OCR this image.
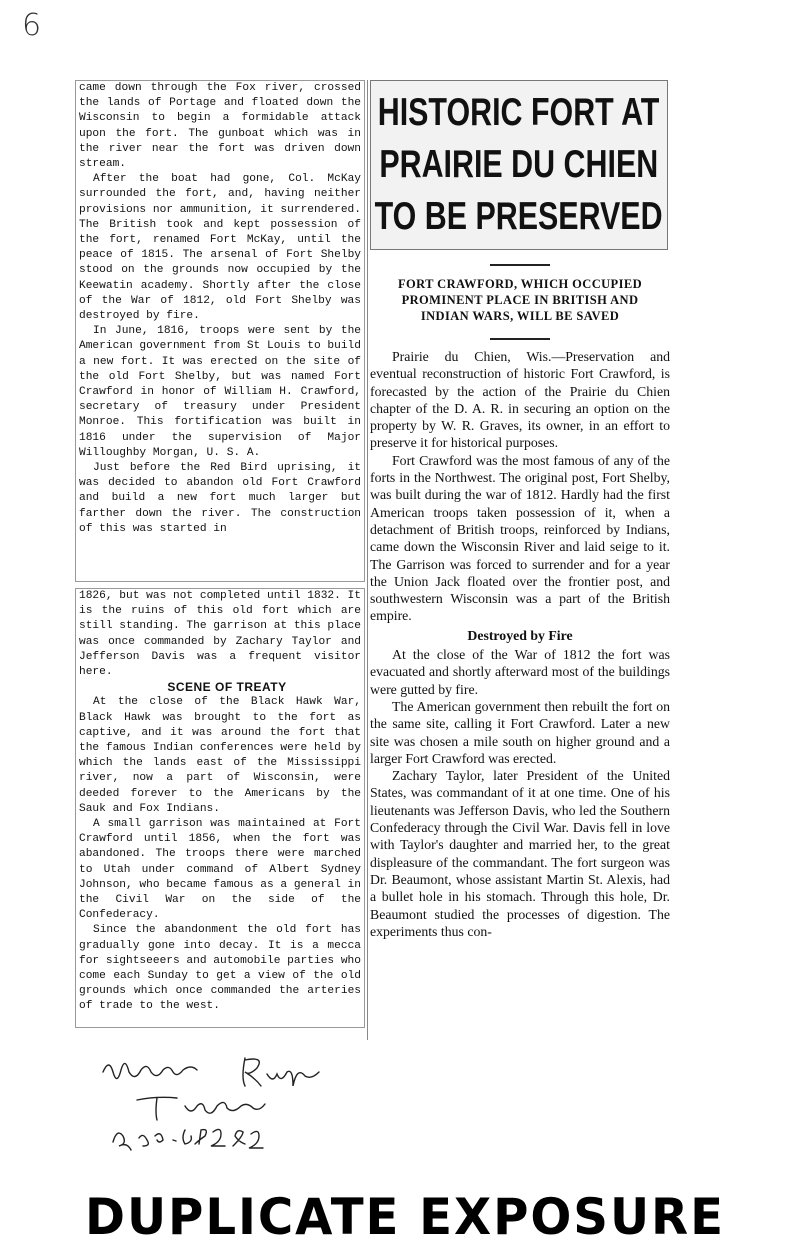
6

came down through the Fox river, crossed the lands of Portage and floated down the Wisconsin to begin a formidable attack upon the fort. The gunboat which was in the river near the fort was driven down stream.

After the boat had gone, Col. McKay surrounded the fort, and, having neither provisions nor ammunition, it surrendered. The British took and kept possession of the fort, renamed Fort McKay, until the peace of 1815. The arsenal of Fort Shelby stood on the grounds now occupied by the Keewatin academy. Shortly after the close of the War of 1812, old Fort Shelby was destroyed by fire.

In June, 1816, troops were sent by the American government from St Louis to build a new fort. It was erected on the site of the old Fort Shelby, but was named Fort Crawford in honor of William H. Crawford, secretary of treasury under President Monroe. This fortification was built in 1816 under the supervision of Major Willoughby Morgan, U. S. A.

Just before the Red Bird uprising, it was decided to abandon old Fort Crawford and build a new fort much larger but farther down the river. The construction of this was started in

1826, but was not completed until 1832. It is the ruins of this old fort which are still standing. The garrison at this place was once commanded by Zachary Taylor and Jefferson Davis was a frequent visitor here.

SCENE OF TREATY

At the close of the Black Hawk War, Black Hawk was brought to the fort as captive, and it was around the fort that the famous Indian conferences were held by which the lands east of the Mississippi river, now a part of Wisconsin, were deeded forever to the Americans by the Sauk and Fox Indians.

A small garrison was maintained at Fort Crawford until 1856, when the fort was abandoned. The troops there were marched to Utah under command of Albert Sydney Johnson, who became famous as a general in the Civil War on the side of the Confederacy.

Since the abandonment the old fort has gradually gone into decay. It is a mecca for sightseeers and automobile parties who come each Sunday to get a view of the old grounds which once commanded the arteries of trade to the west.

HISTORIC FORT AT
PRAIRIE DU CHIEN
TO BE PRESERVED
FORT CRAWFORD, WHICH OCCUPIED PROMINENT PLACE IN BRITISH AND INDIAN WARS, WILL BE SAVED

Prairie du Chien, Wis.—Preservation and eventual reconstruction of historic Fort Crawford, is forecasted by the action of the Prairie du Chien chapter of the D. A. R. in securing an option on the property by W. R. Graves, its owner, in an effort to preserve it for historical purposes.

Fort Crawford was the most famous of any of the forts in the Northwest. The original post, Fort Shelby, was built during the war of 1812. Hardly had the first American troops taken possession of it, when a detachment of British troops, reinforced by Indians, came down the Wisconsin River and laid seige to it. The Garrison was forced to surrender and for a year the Union Jack floated over the frontier post, and southwestern Wisconsin was a part of the British empire.

Destroyed by Fire

At the close of the War of 1812 the fort was evacuated and shortly afterward most of the buildings were gutted by fire.

The American government then rebuilt the fort on the same site, calling it Fort Crawford. Later a new site was chosen a mile south on higher ground and a larger Fort Crawford was erected.

Zachary Taylor, later President of the United States, was commandant of it at one time. One of his lieutenants was Jefferson Davis, who led the Southern Confederacy through the Civil War. Davis fell in love with Taylor's daughter and married her, to the great displeasure of the commandant. The fort surgeon was Dr. Beaumont, whose assistant Martin St. Alexis, had a bullet hole in his stomach. Through this hole, Dr. Beaumont studied the processes of digestion. The experiments thus con-

DUPLICATE EXPOSURE
